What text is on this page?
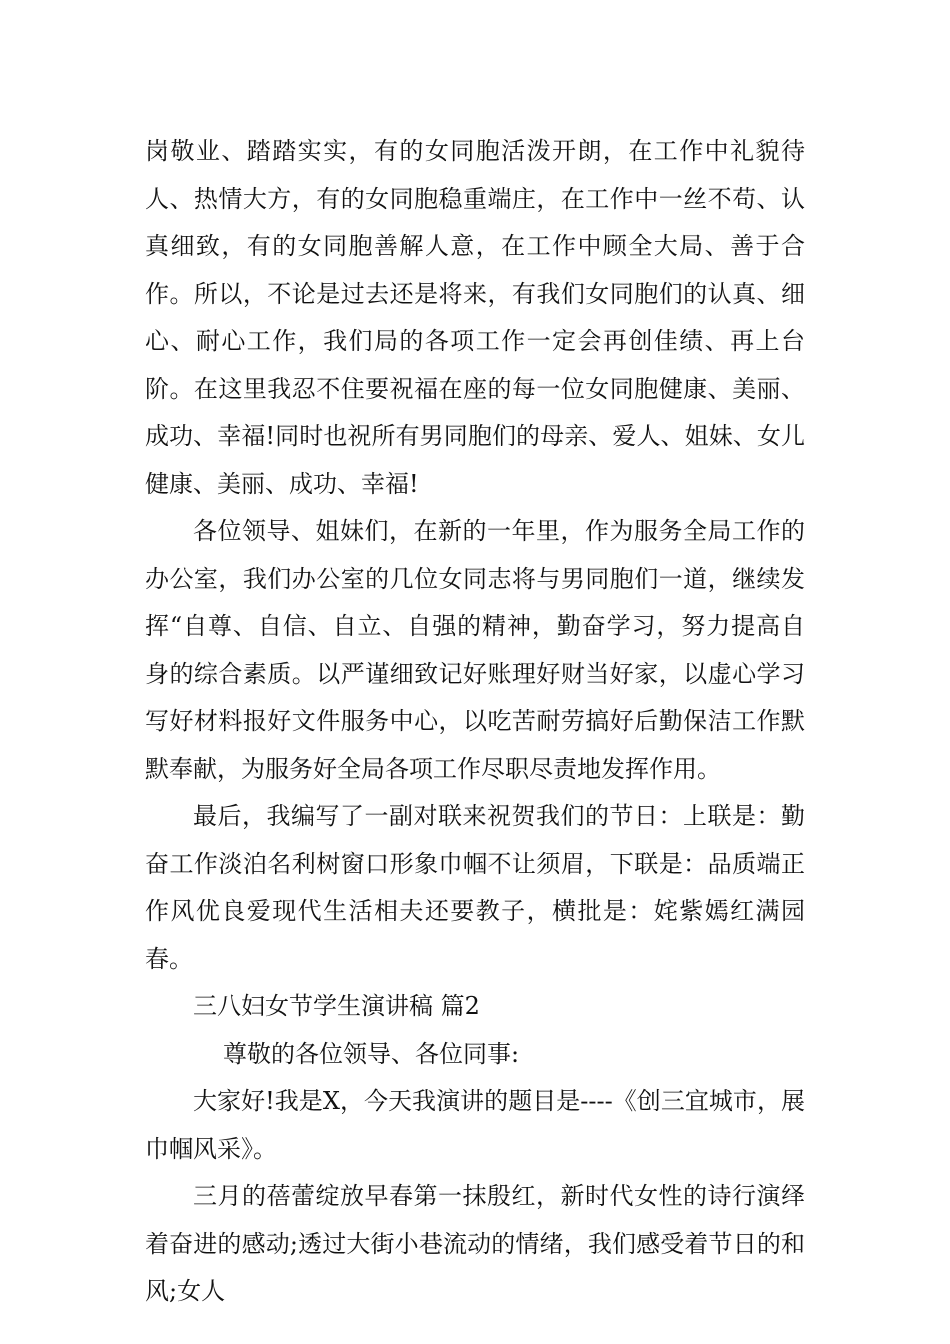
岗敬业、踏踏实实，有的女同胞活泼开朗，在工作中礼貌待人、热情大方，有的女同胞稳重端庄，在工作中一丝不苟、认真细致，有的女同胞善解人意，在工作中顾全大局、善于合作。所以，不论是过去还是将来，有我们女同胞们的认真、细心、耐心工作，我们局的各项工作一定会再创佳绩、再上台阶。在这里我忍不住要祝福在座的每一位女同胞健康、美丽、成功、幸福!同时也祝所有男同胞们的母亲、爱人、姐妹、女儿健康、美丽、成功、幸福!

各位领导、姐妹们，在新的一年里，作为服务全局工作的办公室，我们办公室的几位女同志将与男同胞们一道，继续发挥“自尊、自信、自立、自强的精神，勤奋学习，努力提高自身的综合素质。以严谨细致记好账理好财当好家，以虚心学习写好材料报好文件服务中心，以吃苦耐劳搞好后勤保洁工作默默奉献，为服务好全局各项工作尽职尽责地发挥作用。

最后，我编写了一副对联来祝贺我们的节日：上联是：勤奋工作淡泊名利树窗口形象巾帼不让须眉，下联是：品质端正作风优良爱现代生活相夫还要教子，横批是：姹紫嫣红满园春。

三八妇女节学生演讲稿 篇2

尊敬的各位领导、各位同事:

大家好!我是X，今天我演讲的题目是----《创三宜城市，展巾帼风采》。

三月的蓓蕾绽放早春第一抹殷红，新时代女性的诗行演绎着奋进的感动;透过大街小巷流动的情绪，我们感受着节日的和风;女人
